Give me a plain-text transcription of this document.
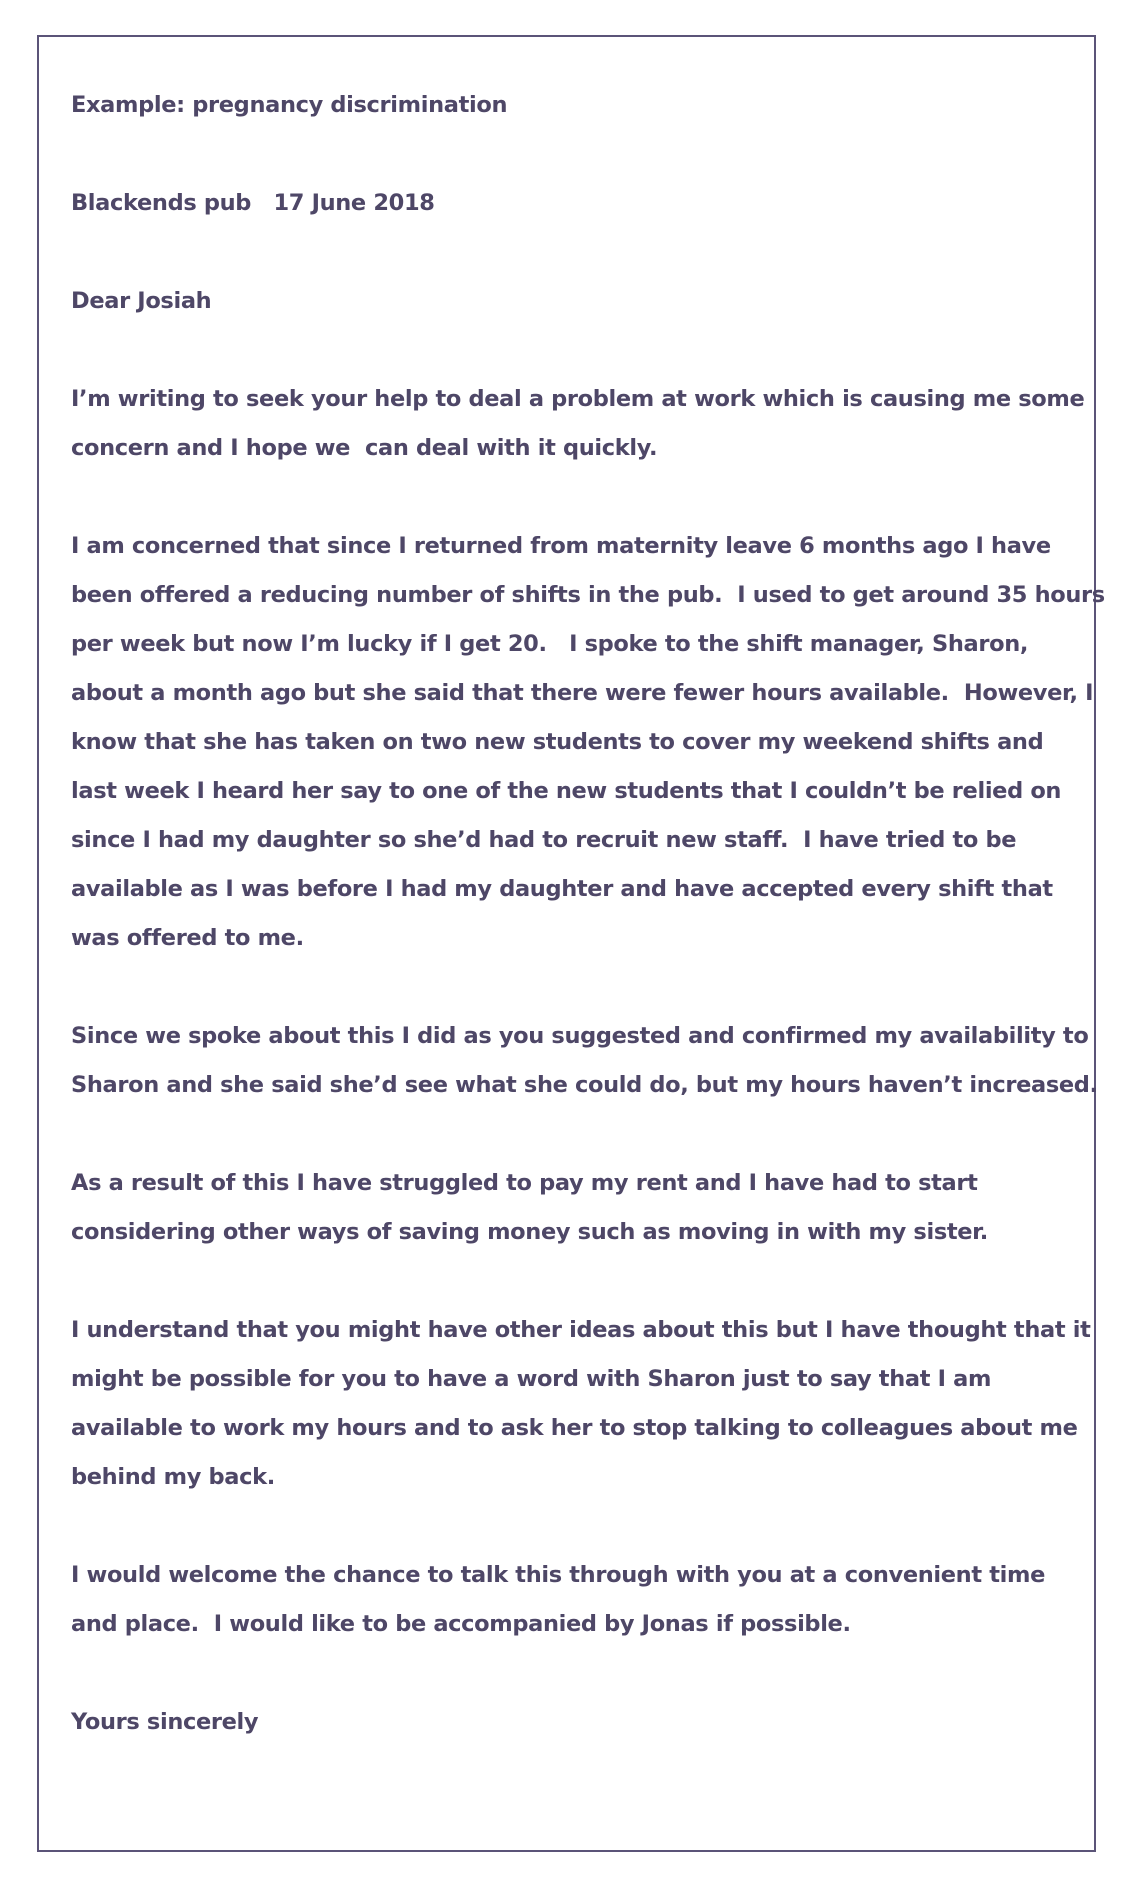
Example: pregnancy discrimination
Blackends pub   17 June 2018
Dear Josiah
I’m writing to seek your help to deal a problem at work which is causing me some
concern and I hope we  can deal with it quickly.
I am concerned that since I returned from maternity leave 6 months ago I have
been offered a reducing number of shifts in the pub.  I used to get around 35 hours
per week but now I’m lucky if I get 20.   I spoke to the shift manager, Sharon,
about a month ago but she said that there were fewer hours available.  However, I
know that she has taken on two new students to cover my weekend shifts and
last week I heard her say to one of the new students that I couldn’t be relied on
since I had my daughter so she’d had to recruit new staff.  I have tried to be
available as I was before I had my daughter and have accepted every shift that
was offered to me.
Since we spoke about this I did as you suggested and confirmed my availability to
Sharon and she said she’d see what she could do, but my hours haven’t increased.
As a result of this I have struggled to pay my rent and I have had to start
considering other ways of saving money such as moving in with my sister.
I understand that you might have other ideas about this but I have thought that it
might be possible for you to have a word with Sharon just to say that I am
available to work my hours and to ask her to stop talking to colleagues about me
behind my back.
I would welcome the chance to talk this through with you at a convenient time
and place.  I would like to be accompanied by Jonas if possible.
Yours sincerely
